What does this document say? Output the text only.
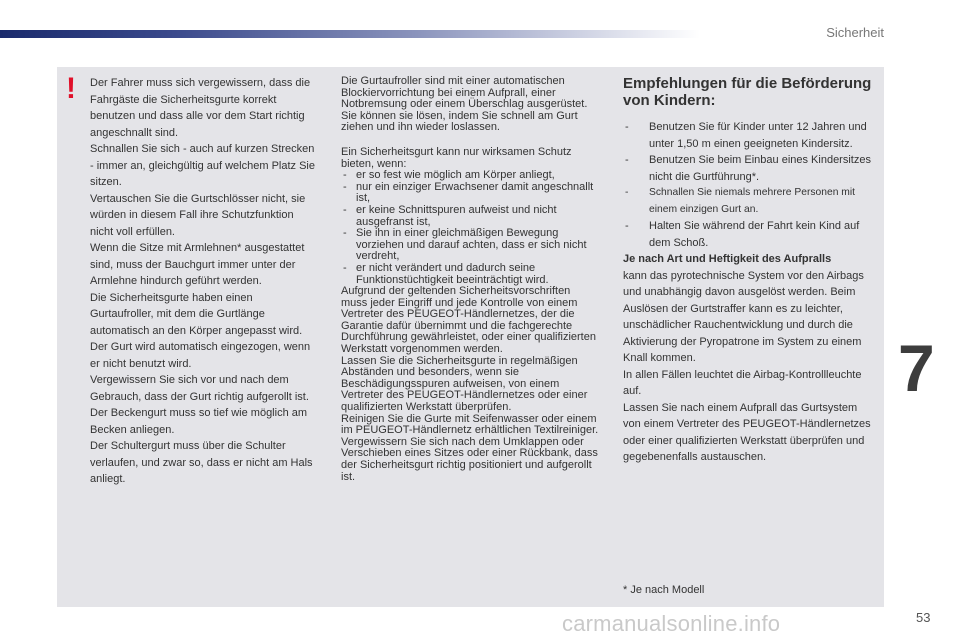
Sicherheit
! Der Fahrer muss sich vergewissern, dass die Fahrgäste die Sicherheitsgurte korrekt benutzen und dass alle vor dem Start richtig angeschnallt sind.

Schnallen Sie sich - auch auf kurzen Strecken - immer an, gleichgültig auf welchem Platz Sie sitzen.

Vertauschen Sie die Gurtschlösser nicht, sie würden in diesem Fall ihre Schutzfunktion nicht voll erfüllen.

Wenn die Sitze mit Armlehnen* ausgestattet sind, muss der Bauchgurt immer unter der Armlehne hindurch geführt werden.

Die Sicherheitsgurte haben einen Gurtaufroller, mit dem die Gurtlänge automatisch an den Körper angepasst wird. Der Gurt wird automatisch eingezogen, wenn er nicht benutzt wird.

Vergewissern Sie sich vor und nach dem Gebrauch, dass der Gurt richtig aufgerollt ist.

Der Beckengurt muss so tief wie möglich am Becken anliegen.

Der Schultergurt muss über die Schulter verlaufen, und zwar so, dass er nicht am Hals anliegt.

Die Gurtaufroller sind mit einer automatischen Blockiervorrichtung bei einem Aufprall, einer Notbremsung oder einem Überschlag ausgerüstet. Sie können sie lösen, indem Sie schnell am Gurt ziehen und ihn wieder loslassen.

Ein Sicherheitsgurt kann nur wirksamen Schutz bieten, wenn:

- er so fest wie möglich am Körper anliegt,

- nur ein einziger Erwachsener damit angeschnallt ist,

- er keine Schnittspuren aufweist und nicht ausgefranst ist,

- Sie ihn in einer gleichmäßigen Bewegung vorziehen und darauf achten, dass er sich nicht verdreht,

- er nicht verändert und dadurch seine Funktionstüchtigkeit beeinträchtigt wird.

Aufgrund der geltenden Sicherheitsvorschriften muss jeder Eingriff und jede Kontrolle von einem Vertreter des PEUGEOT-Händlernetzes, der die Garantie dafür übernimmt und die fachgerechte Durchführung gewährleistet, oder einer qualifizierten Werkstatt vorgenommen werden.

Lassen Sie die Sicherheitsgurte in regelmäßigen Abständen und besonders, wenn sie Beschädigungsspuren aufweisen, von einem Vertreter des PEUGEOT-Händlernetzes oder einer qualifizierten Werkstatt überprüfen.

Reinigen Sie die Gurte mit Seifenwasser oder einem im PEUGEOT-Händlernetz erhältlichen Textilreiniger.

Vergewissern Sie sich nach dem Umklappen oder Verschieben eines Sitzes oder einer Rückbank, dass der Sicherheitsgurt richtig positioniert und aufgerollt ist.

Empfehlungen für die Beförderung von Kindern:
- Benutzen Sie für Kinder unter 12 Jahren und unter 1,50 m einen geeigneten Kindersitz.
- Benutzen Sie beim Einbau eines Kindersitzes nicht die Gurtführung*.
- Schnallen Sie niemals mehrere Personen mit einem einzigen Gurt an.
- Halten Sie während der Fahrt kein Kind auf dem Schoß.
Je nach Art und Heftigkeit des Aufpralls

kann das pyrotechnische System vor den Airbags und unabhängig davon ausgelöst werden. Beim Auslösen der Gurtstraffer kann es zu leichter, unschädlicher Rauchentwicklung und durch die Aktivierung der Pyropatrone im System zu einem Knall kommen.

In allen Fällen leuchtet die Airbag-Kontrollleuchte auf.

Lassen Sie nach einem Aufprall das Gurtsystem von einem Vertreter des PEUGEOT-Händlernetzes oder einer qualifizierten Werkstatt überprüfen und gegebenenfalls austauschen.

* Je nach Modell
7
carmanualsonline.info	53
